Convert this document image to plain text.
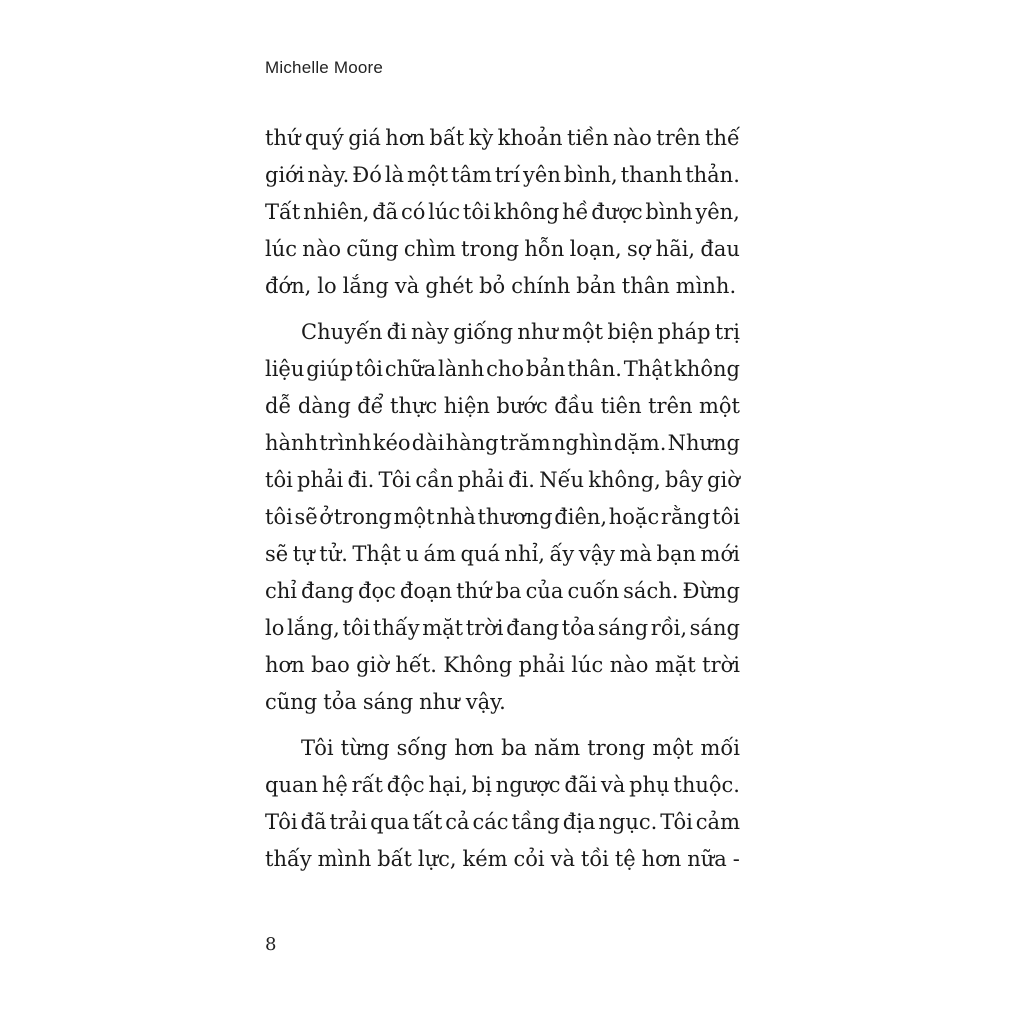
Michelle Moore
thứ quý giá hơn bất kỳ khoản tiền nào trên thế
giới này. Đó là một tâm trí yên bình, thanh thản.
Tất nhiên, đã có lúc tôi không hề được bình yên,
lúc nào cũng chìm trong hỗn loạn, sợ hãi, đau
đớn, lo lắng và ghét bỏ chính bản thân mình.
Chuyến đi này giống như một biện pháp trị
liệu giúp tôi chữa lành cho bản thân. Thật không
dễ dàng để thực hiện bước đầu tiên trên một
hành trình kéo dài hàng trăm nghìn dặm. Nhưng
tôi phải đi. Tôi cần phải đi. Nếu không, bây giờ
tôi sẽ ở trong một nhà thương điên, hoặc rằng tôi
sẽ tự tử. Thật u ám quá nhỉ, ấy vậy mà bạn mới
chỉ đang đọc đoạn thứ ba của cuốn sách. Đừng
lo lắng, tôi thấy mặt trời đang tỏa sáng rồi, sáng
hơn bao giờ hết. Không phải lúc nào mặt trời
cũng tỏa sáng như vậy.
Tôi từng sống hơn ba năm trong một mối
quan hệ rất độc hại, bị ngược đãi và phụ thuộc.
Tôi đã trải qua tất cả các tầng địa ngục. Tôi cảm
thấy mình bất lực, kém cỏi và tồi tệ hơn nữa -
8
